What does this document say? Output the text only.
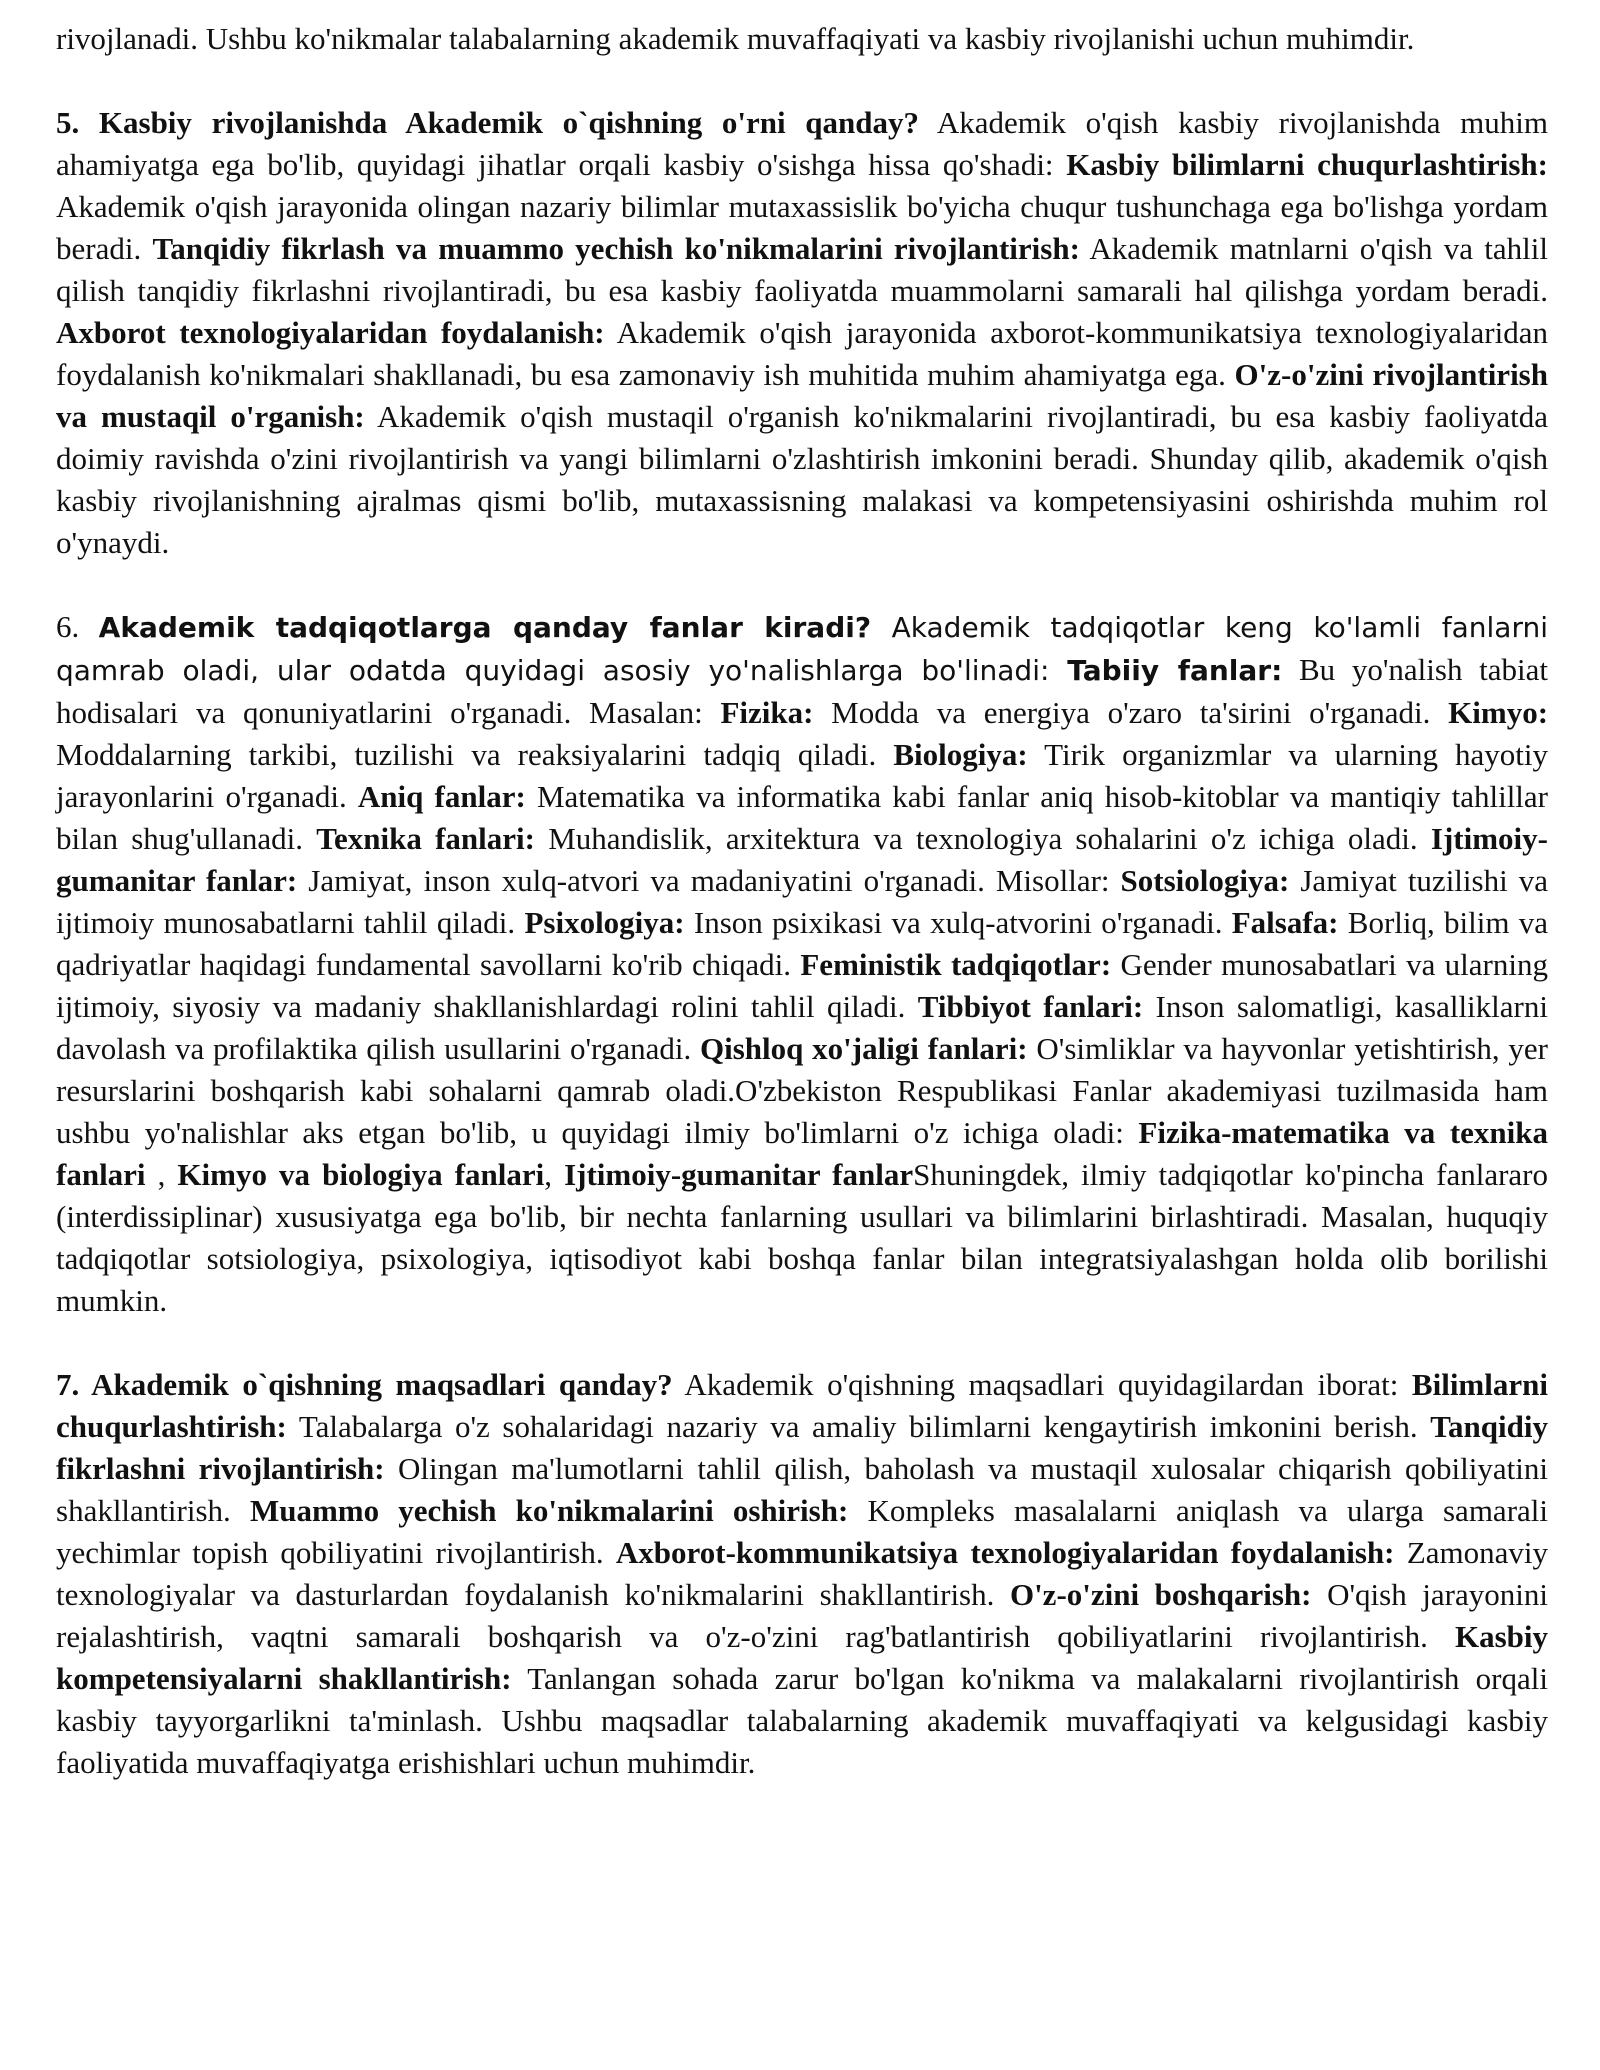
rivojlanadi. Ushbu ko'nikmalar talabalarning akademik muvaffaqiyati va kasbiy rivojlanishi uchun muhimdir.

5. Kasbiy rivojlanishda Akademik o`qishning o'rni qanday? Akademik o'qish kasbiy rivojlanishda muhim ahamiyatga ega bo'lib, quyidagi jihatlar orqali kasbiy o'sishga hissa qo'shadi: Kasbiy bilimlarni chuqurlashtirish: Akademik o'qish jarayonida olingan nazariy bilimlar mutaxassislik bo'yicha chuqur tushunchaga ega bo'lishga yordam beradi. Tanqidiy fikrlash va muammo yechish ko'nikmalarini rivojlantirish: Akademik matnlarni o'qish va tahlil qilish tanqidiy fikrlashni rivojlantiradi, bu esa kasbiy faoliyatda muammolarni samarali hal qilishga yordam beradi. Axborot texnologiyalaridan foydalanish: Akademik o'qish jarayonida axborot-kommunikatsiya texnologiyalaridan foydalanish ko'nikmalari shakllanadi, bu esa zamonaviy ish muhitida muhim ahamiyatga ega. O'z-o'zini rivojlantirish va mustaqil o'rganish: Akademik o'qish mustaqil o'rganish ko'nikmalarini rivojlantiradi, bu esa kasbiy faoliyatda doimiy ravishda o'zini rivojlantirish va yangi bilimlarni o'zlashtirish imkonini beradi. Shunday qilib, akademik o'qish kasbiy rivojlanishning ajralmas qismi bo'lib, mutaxassisning malakasi va kompetensiyasini oshirishda muhim rol o'ynaydi.

6. Akademik tadqiqotlarga qanday fanlar kiradi? Akademik tadqiqotlar keng ko'lamli fanlarni qamrab oladi, ular odatda quyidagi asosiy yo'nalishlarga bo'linadi: Tabiiy fanlar: Bu yo'nalish tabiat hodisalari va qonuniyatlarini o'rganadi. Masalan: Fizika: Modda va energiya o'zaro ta'sirini o'rganadi. Kimyo: Moddalarning tarkibi, tuzilishi va reaksiyalarini tadqiq qiladi. Biologiya: Tirik organizmlar va ularning hayotiy jarayonlarini o'rganadi. Aniq fanlar: Matematika va informatika kabi fanlar aniq hisob-kitoblar va mantiqiy tahlillar bilan shug'ullanadi. Texnika fanlari: Muhandislik, arxitektura va texnologiya sohalarini o'z ichiga oladi. Ijtimoiy-gumanitar fanlar: Jamiyat, inson xulq-atvori va madaniyatini o'rganadi. Misollar: Sotsiologiya: Jamiyat tuzilishi va ijtimoiy munosabatlarni tahlil qiladi. Psixologiya: Inson psixikasi va xulq-atvorini o'rganadi. Falsafa: Borliq, bilim va qadriyatlar haqidagi fundamental savollarni ko'rib chiqadi. Feministik tadqiqotlar: Gender munosabatlari va ularning ijtimoiy, siyosiy va madaniy shakllanishlardagi rolini tahlil qiladi. Tibbiyot fanlari: Inson salomatligi, kasalliklarni davolash va profilaktika qilish usullarini o'rganadi. Qishloq xo'jaligi fanlari: O'simliklar va hayvonlar yetishtirish, yer resurslarini boshqarish kabi sohalarni qamrab oladi.O'zbekiston Respublikasi Fanlar akademiyasi tuzilmasida ham ushbu yo'nalishlar aks etgan bo'lib, u quyidagi ilmiy bo'limlarni o'z ichiga oladi: Fizika-matematika va texnika fanlari , Kimyo va biologiya fanlari, Ijtimoiy-gumanitar fanlarShuningdek, ilmiy tadqiqotlar ko'pincha fanlararo (interdissiplinar) xususiyatga ega bo'lib, bir nechta fanlarning usullari va bilimlarini birlashtiradi. Masalan, huquqiy tadqiqotlar sotsiologiya, psixologiya, iqtisodiyot kabi boshqa fanlar bilan integratsiyalashgan holda olib borilishi mumkin.

7. Akademik o`qishning maqsadlari qanday? Akademik o'qishning maqsadlari quyidagilardan iborat: Bilimlarni chuqurlashtirish: Talabalarga o'z sohalaridagi nazariy va amaliy bilimlarni kengaytirish imkonini berish. Tanqidiy fikrlashni rivojlantirish: Olingan ma'lumotlarni tahlil qilish, baholash va mustaqil xulosalar chiqarish qobiliyatini shakllantirish. Muammo yechish ko'nikmalarini oshirish: Kompleks masalalarni aniqlash va ularga samarali yechimlar topish qobiliyatini rivojlantirish. Axborot-kommunikatsiya texnologiyalaridan foydalanish: Zamonaviy texnologiyalar va dasturlardan foydalanish ko'nikmalarini shakllantirish. O'z-o'zini boshqarish: O'qish jarayonini rejalashtirish, vaqtni samarali boshqarish va o'z-o'zini rag'batlantirish qobiliyatlarini rivojlantirish. Kasbiy kompetensiyalarni shakllantirish: Tanlangan sohada zarur bo'lgan ko'nikma va malakalarni rivojlantirish orqali kasbiy tayyorgarlikni ta'minlash. Ushbu maqsadlar talabalarning akademik muvaffaqiyati va kelgusidagi kasbiy faoliyatida muvaffaqiyatga erishishlari uchun muhimdir.
